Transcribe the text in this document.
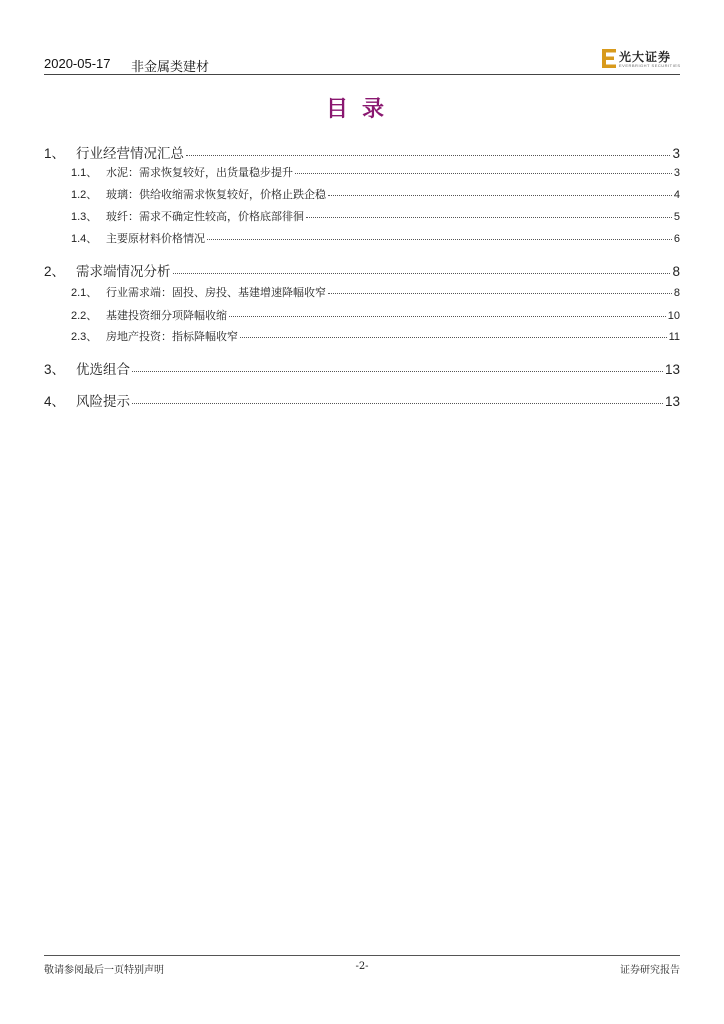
2020-05-17 非金属类建材
光大证券
EVERBRIGHT SECURITIES
目录
1、 行业经营情况汇总	3
1.1、 水泥：需求恢复较好，出货量稳步提升	3
1.2、 玻璃：供给收缩需求恢复较好，价格止跌企稳	4
1.3、 玻纤：需求不确定性较高，价格底部徘徊	5
1.4、 主要原材料价格情况	6
2、 需求端情况分析	8
2.1、 行业需求端：固投、房投、基建增速降幅收窄	8
2.2、 基建投资细分项降幅收缩	10
2.3、 房地产投资：指标降幅收窄	11
3、 优选组合	13
4、 风险提示	13
敬请参阅最后一页特别声明	-2-	证券研究报告
